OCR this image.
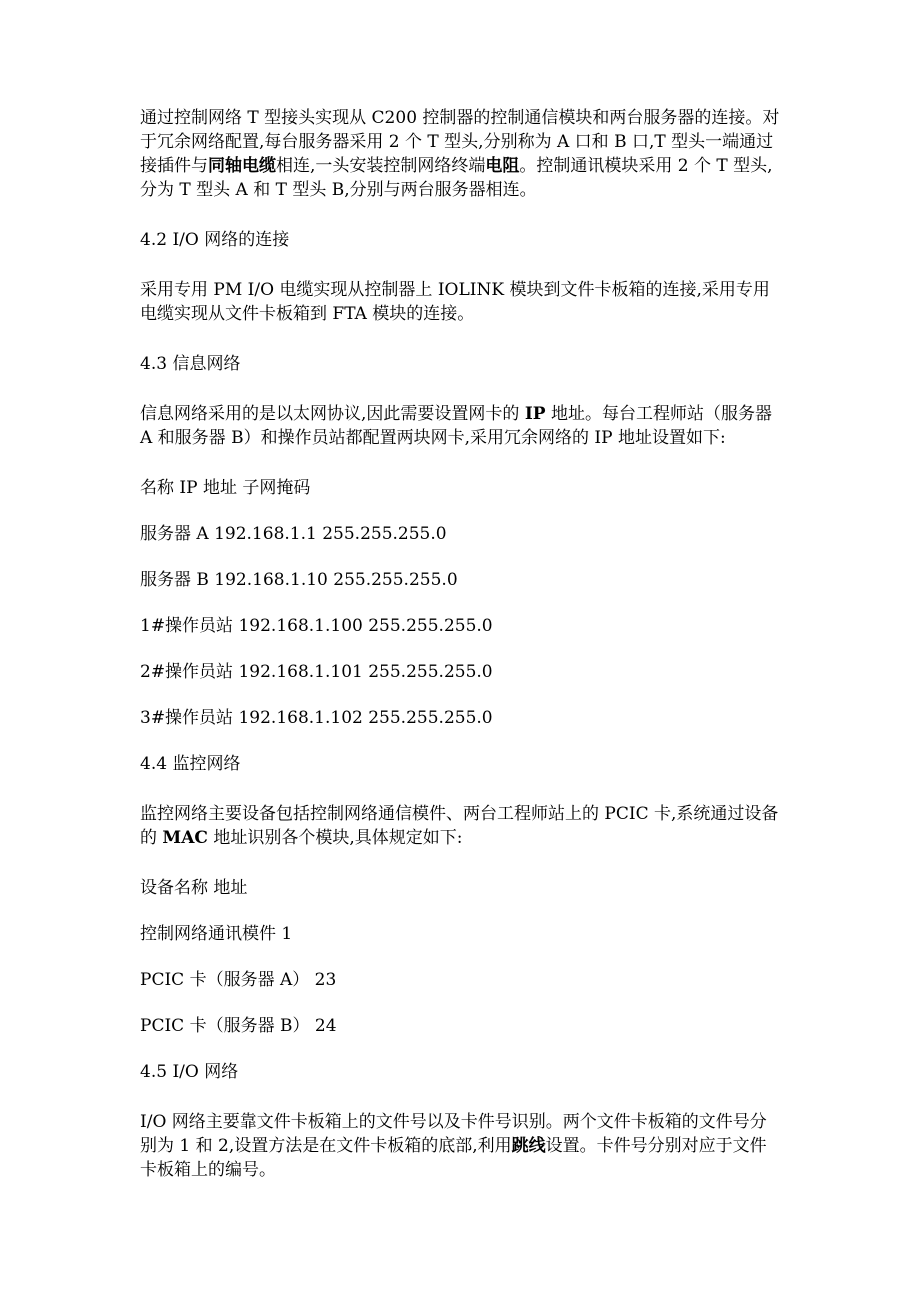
通过控制网络 T 型接头实现从 C200 控制器的控制通信模块和两台服务器的连接。对于冗余网络配置,每台服务器采用 2 个 T 型头,分别称为 A 口和 B 口,T 型头一端通过接插件与同轴电缆相连,一头安装控制网络终端电阻。控制通讯模块采用 2 个 T 型头,分为 T 型头 A 和 T 型头 B,分别与两台服务器相连。

4.2 I/O 网络的连接

采用专用 PM I/O 电缆实现从控制器上 IOLINK 模块到文件卡板箱的连接,采用专用电缆实现从文件卡板箱到 FTA 模块的连接。

4.3 信息网络

信息网络采用的是以太网协议,因此需要设置网卡的 IP 地址。每台工程师站（服务器 A 和服务器 B）和操作员站都配置两块网卡,采用冗余网络的 IP 地址设置如下:

名称 IP 地址 子网掩码

服务器 A 192.168.1.1 255.255.255.0

服务器 B 192.168.1.10 255.255.255.0

1#操作员站 192.168.1.100 255.255.255.0

2#操作员站 192.168.1.101 255.255.255.0

3#操作员站 192.168.1.102 255.255.255.0

4.4 监控网络

监控网络主要设备包括控制网络通信模件、两台工程师站上的 PCIC 卡,系统通过设备的 MAC 地址识别各个模块,具体规定如下:

设备名称 地址

控制网络通讯模件 1

PCIC 卡（服务器 A） 23

PCIC 卡（服务器 B） 24

4.5 I/O 网络

I/O 网络主要靠文件卡板箱上的文件号以及卡件号识别。两个文件卡板箱的文件号分别为 1 和 2,设置方法是在文件卡板箱的底部,利用跳线设置。卡件号分别对应于文件卡板箱上的编号。
